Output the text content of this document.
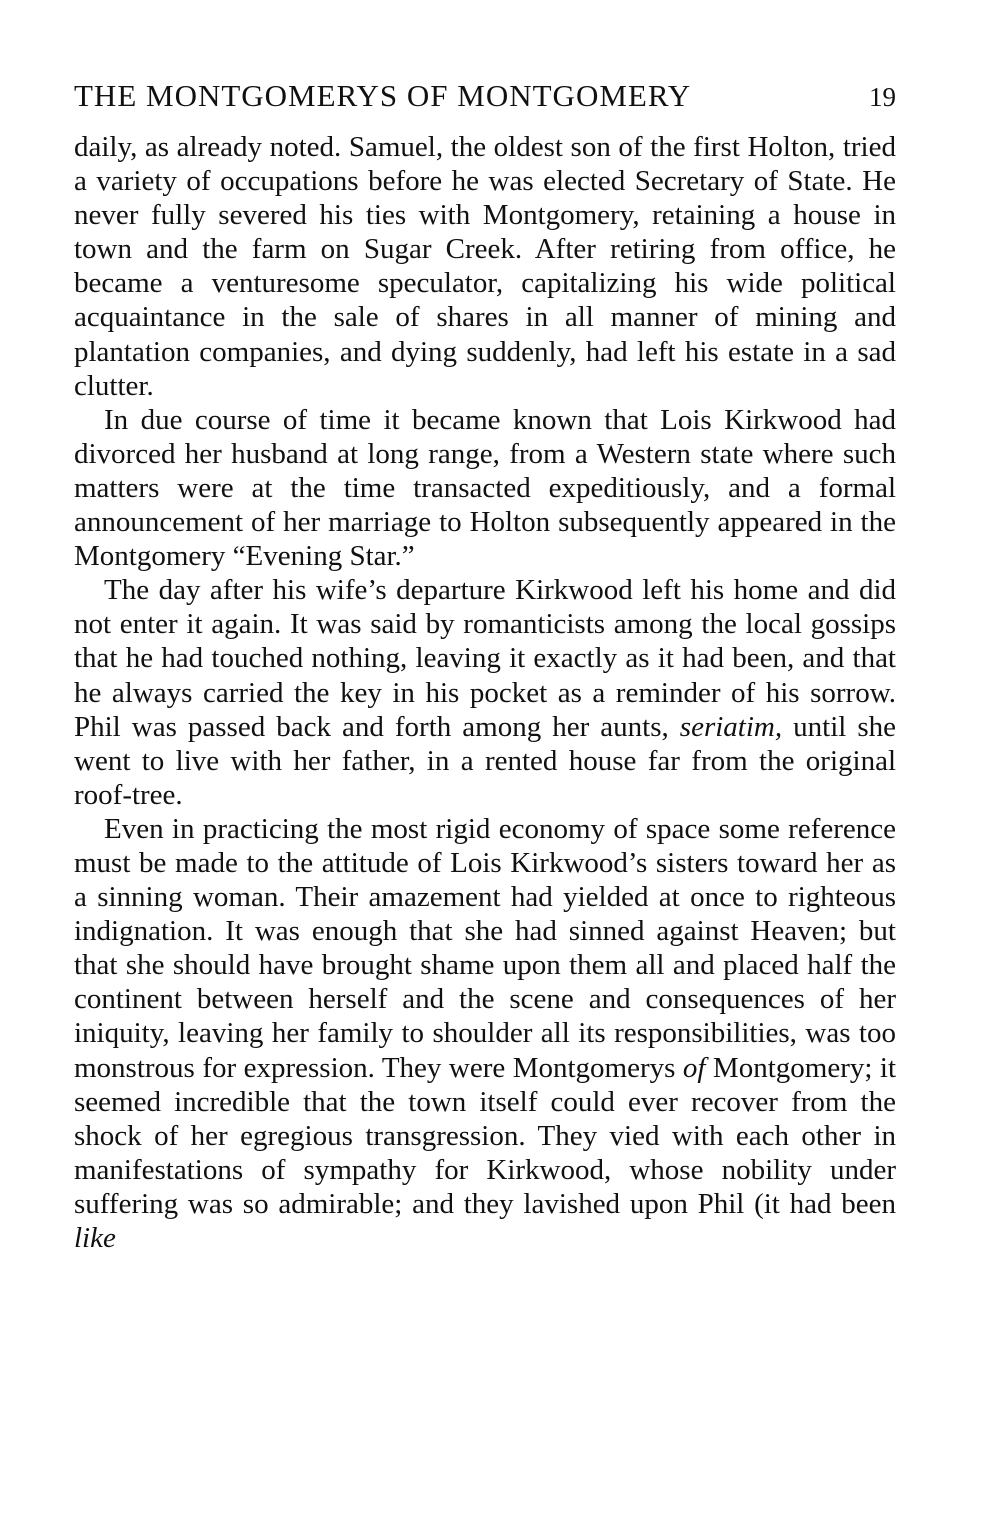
THE MONTGOMERYS OF MONTGOMERY	19

daily, as already noted. Samuel, the oldest son of the first Holton, tried a variety of occupations before he was elected Secretary of State. He never fully severed his ties with Montgomery, retaining a house in town and the farm on Sugar Creek. After retiring from office, he became a venturesome speculator, capitalizing his wide political acquaintance in the sale of shares in all manner of mining and plantation companies, and dying suddenly, had left his estate in a sad clutter.

In due course of time it became known that Lois Kirkwood had divorced her husband at long range, from a Western state where such matters were at the time transacted expeditiously, and a formal announcement of her marriage to Holton subsequently appeared in the Montgomery “Evening Star.”

The day after his wife’s departure Kirkwood left his home and did not enter it again. It was said by romanticists among the local gossips that he had touched nothing, leaving it exactly as it had been, and that he always carried the key in his pocket as a reminder of his sorrow. Phil was passed back and forth among her aunts, seriatim, until she went to live with her father, in a rented house far from the original roof-tree.

Even in practicing the most rigid economy of space some reference must be made to the attitude of Lois Kirkwood’s sisters toward her as a sinning woman. Their amazement had yielded at once to righteous indignation. It was enough that she had sinned against Heaven; but that she should have brought shame upon them all and placed half the continent between herself and the scene and consequences of her iniquity, leaving her family to shoulder all its responsibilities, was too monstrous for expression. They were Montgomerys of Montgomery; it seemed incredible that the town itself could ever recover from the shock of her egregious transgression. They vied with each other in manifestations of sympathy for Kirkwood, whose nobility under suffering was so admirable; and they lavished upon Phil (it had been like
